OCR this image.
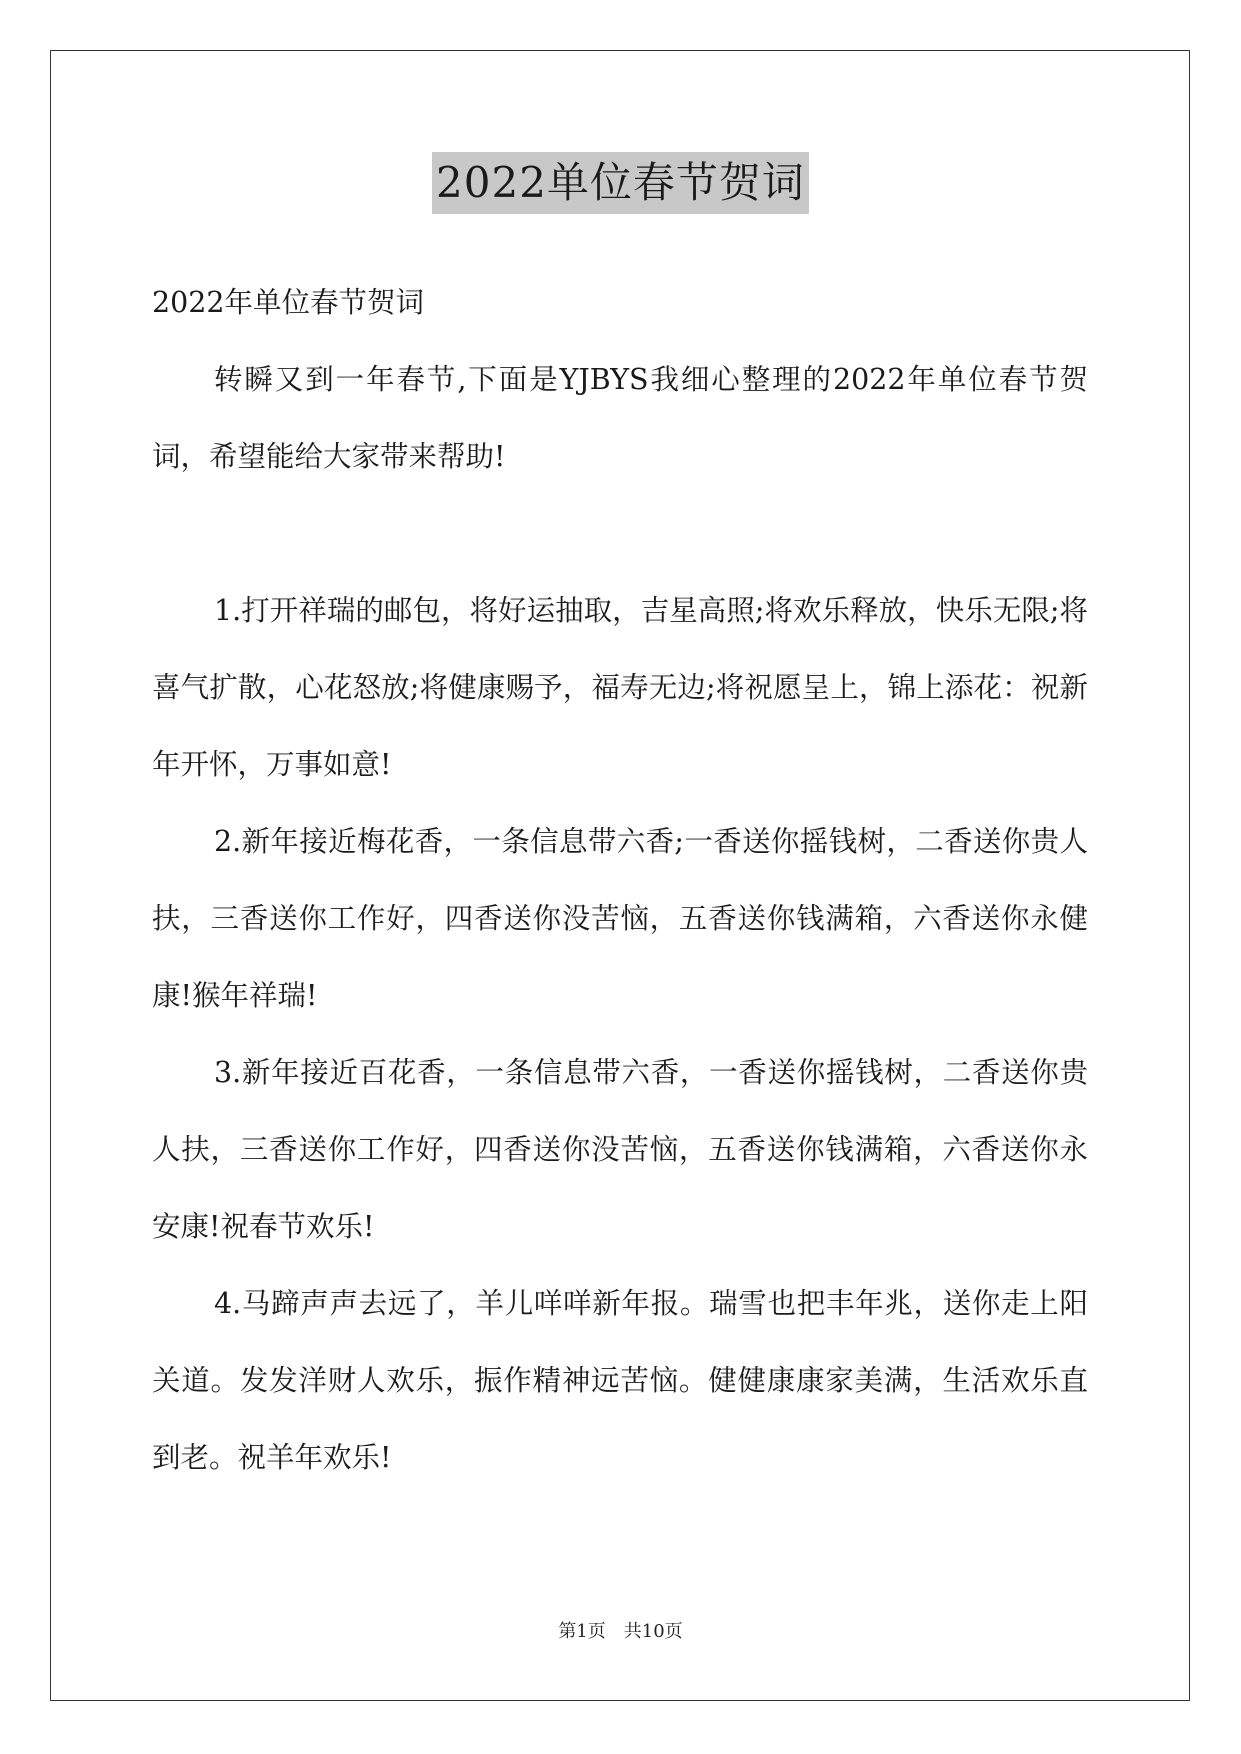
2022单位春节贺词

2022年单位春节贺词

转瞬又到一年春节,下面是YJBYS我细心整理的2022年单位春节贺词，希望能给大家带来帮助!

1.打开祥瑞的邮包，将好运抽取，吉星高照;将欢乐释放，快乐无限;将喜气扩散，心花怒放;将健康赐予，福寿无边;将祝愿呈上，锦上添花：祝新年开怀，万事如意!

2.新年接近梅花香，一条信息带六香;一香送你摇钱树，二香送你贵人扶，三香送你工作好，四香送你没苦恼，五香送你钱满箱，六香送你永健康!猴年祥瑞!

3.新年接近百花香，一条信息带六香，一香送你摇钱树，二香送你贵人扶，三香送你工作好，四香送你没苦恼，五香送你钱满箱，六香送你永安康!祝春节欢乐!

4.马蹄声声去远了，羊儿咩咩新年报。瑞雪也把丰年兆，送你走上阳关道。发发洋财人欢乐，振作精神远苦恼。健健康康家美满，生活欢乐直到老。祝羊年欢乐!

第1页 共10页
